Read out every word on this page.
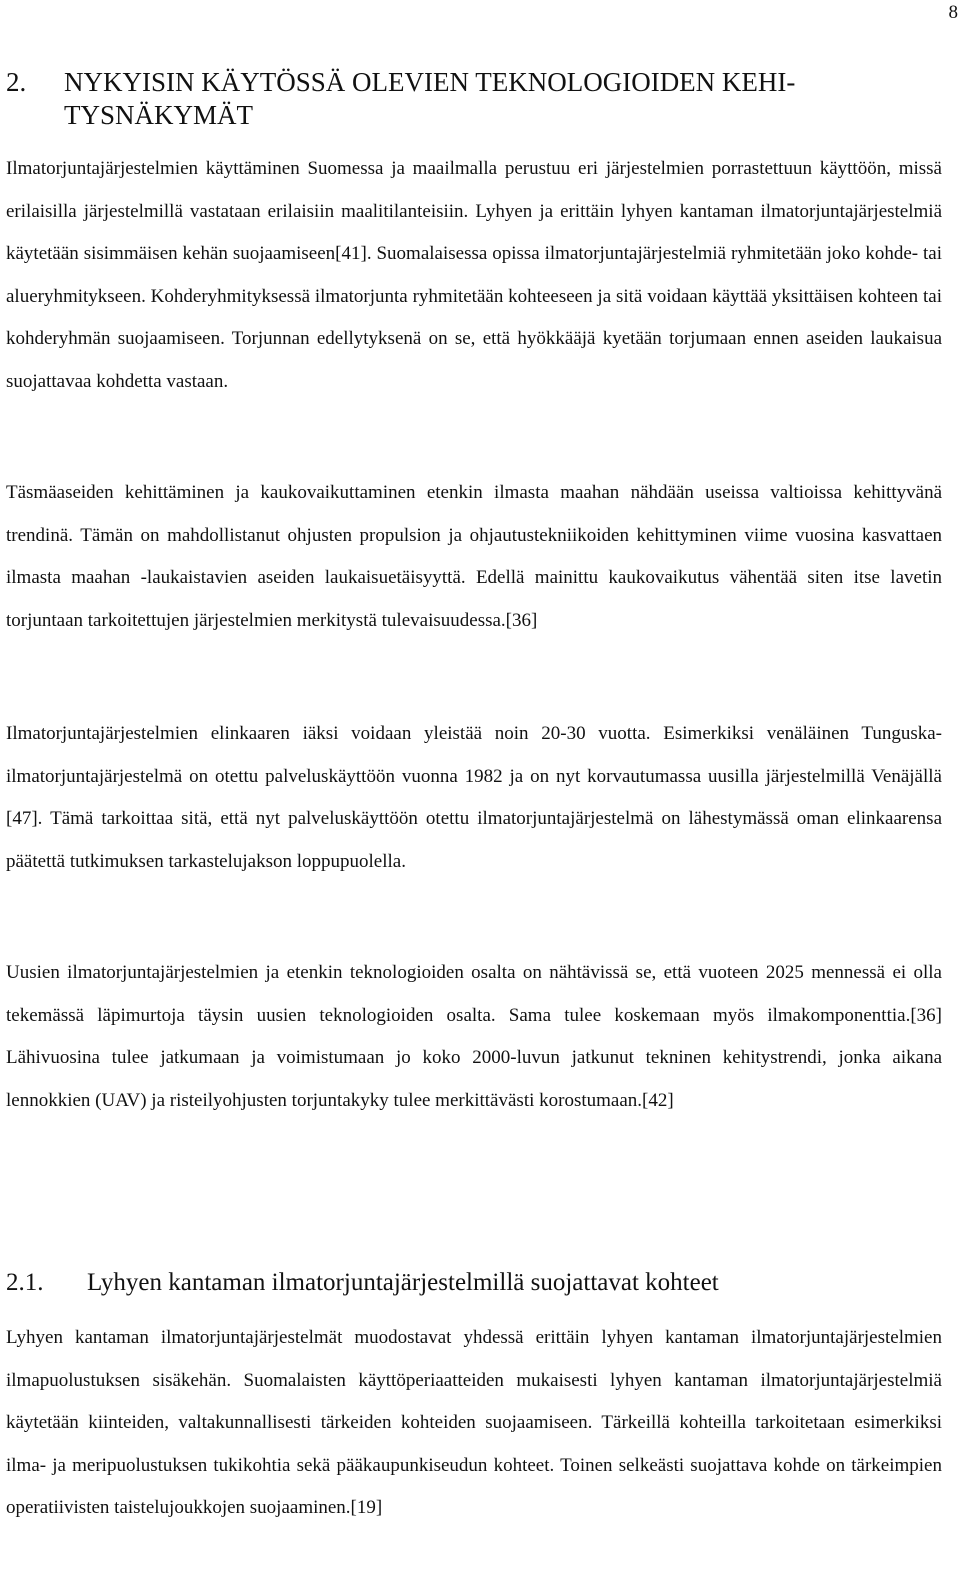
8
2.	NYKYISIN KÄYTÖSSÄ OLEVIEN TEKNOLOGIOIDEN KEHI-TYSNÄKYMÄT

Ilmatorjuntajärjestelmien käyttäminen Suomessa ja maailmalla perustuu eri järjestelmien porrastettuun käyttöön, missä erilaisilla järjestelmillä vastataan erilaisiin maalitilanteisiin. Lyhyen ja erittäin lyhyen kantaman ilmatorjuntajärjestelmiä käytetään sisimmäisen kehän suojaamiseen[41]. Suomalaisessa opissa ilmatorjuntajärjestelmiä ryhmitetään joko kohde- tai alueryhmitykseen. Kohderyhmityksessä ilmatorjunta ryhmitetään kohteeseen ja sitä voidaan käyttää yksittäisen kohteen tai kohderyhmän suojaamiseen. Torjunnan edellytyksenä on se, että hyökkääjä kyetään torjumaan ennen aseiden laukaisua suojattavaa kohdetta vastaan.

Täsmäaseiden kehittäminen ja kaukovaikuttaminen etenkin ilmasta maahan nähdään useissa valtioissa kehittyvänä trendinä. Tämän on mahdollistanut ohjusten propulsion ja ohjautustekniikoiden kehittyminen viime vuosina kasvattaen ilmasta maahan -laukaistavien aseiden laukaisuetäisyyttä. Edellä mainittu kaukovaikutus vähentää siten itse lavetin torjuntaan tarkoitettujen järjestelmien merkitystä tulevaisuudessa.[36]

Ilmatorjuntajärjestelmien elinkaaren iäksi voidaan yleistää noin 20-30 vuotta. Esimerkiksi venäläinen Tunguska-ilmatorjuntajärjestelmä on otettu palveluskäyttöön vuonna 1982 ja on nyt korvautumassa uusilla järjestelmillä Venäjällä [47]. Tämä tarkoittaa sitä, että nyt palveluskäyttöön otettu ilmatorjuntajärjestelmä on lähestymässä oman elinkaarensa päätettä tutkimuksen tarkastelujakson loppupuolella.

Uusien ilmatorjuntajärjestelmien ja etenkin teknologioiden osalta on nähtävissä se, että vuoteen 2025 mennessä ei olla tekemässä läpimurtoja täysin uusien teknologioiden osalta. Sama tulee koskemaan myös ilmakomponenttia.[36] Lähivuosina tulee jatkumaan ja voimistumaan jo koko 2000-luvun jatkunut tekninen kehitystrendi, jonka aikana lennokkien (UAV) ja risteilyohjusten torjuntakyky tulee merkittävästi korostumaan.[42]

2.1.	Lyhyen kantaman ilmatorjuntajärjestelmillä suojattavat kohteet

Lyhyen kantaman ilmatorjuntajärjestelmät muodostavat yhdessä erittäin lyhyen kantaman ilmatorjuntajärjestelmien ilmapuolustuksen sisäkehän. Suomalaisten käyttöperiaatteiden mukaisesti lyhyen kantaman ilmatorjuntajärjestelmiä käytetään kiinteiden, valtakunnallisesti tärkeiden kohteiden suojaamiseen. Tärkeillä kohteilla tarkoitetaan esimerkiksi ilma- ja meripuolustuksen tukikohtia sekä pääkaupunkiseudun kohteet. Toinen selkeästi suojattava kohde on tärkeimpien operatiivisten taistelujoukkojen suojaaminen.[19]
